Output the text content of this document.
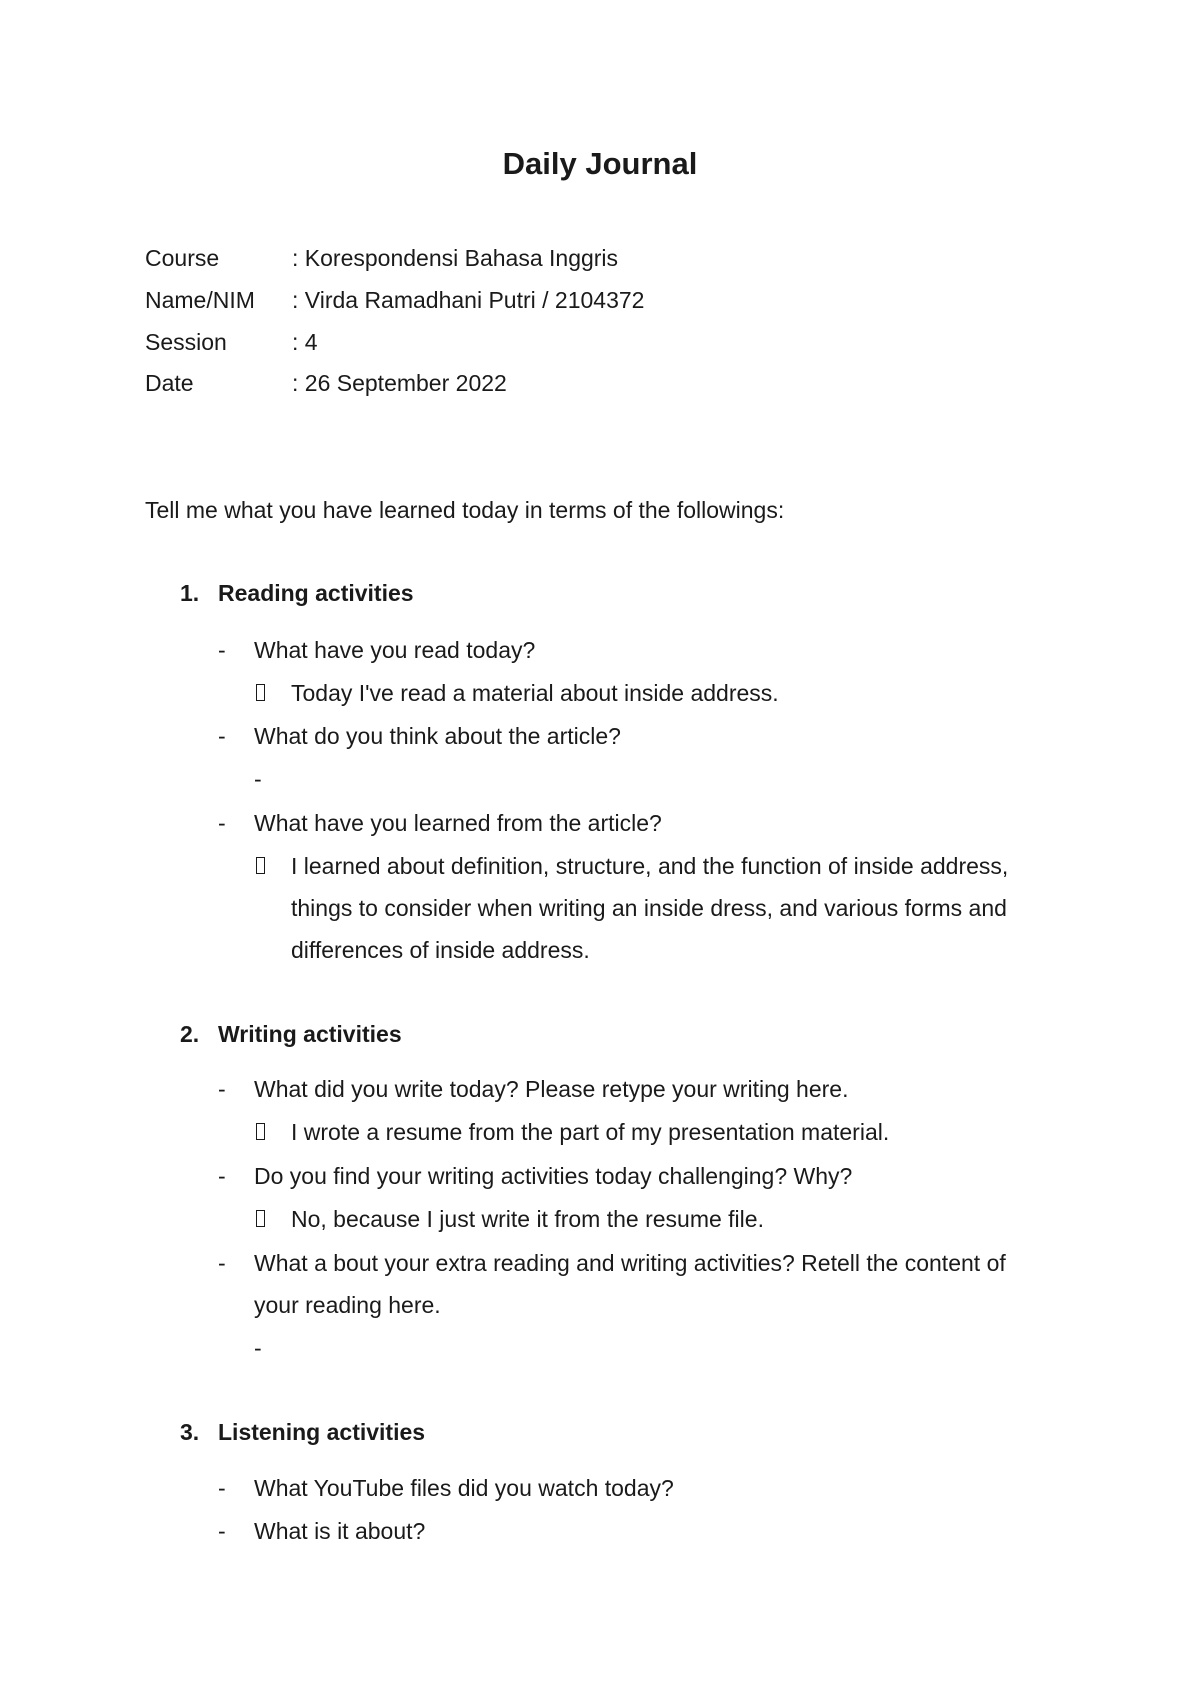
Daily Journal
Course	: Korespondensi Bahasa Inggris
Name/NIM : Virda Ramadhani Putri / 2104372
Session	: 4
Date	: 26 September 2022
Tell me what you have learned today in terms of the followings:
1. Reading activities
- What have you read today?
Today I've read a material about inside address.
- What do you think about the article?
-
- What have you learned from the article?
I learned about definition, structure, and the function of inside address,
things to consider when writing an inside dress, and various forms and
differences of inside address.
2. Writing activities
- What did you write today? Please retype your writing here.
I wrote a resume from the part of my presentation material.
- Do you find your writing activities today challenging? Why?
No, because I just write it from the resume file.
- What a bout your extra reading and writing activities? Retell the content of
your reading here.
-
3. Listening activities
- What YouTube files did you watch today?
- What is it about?
